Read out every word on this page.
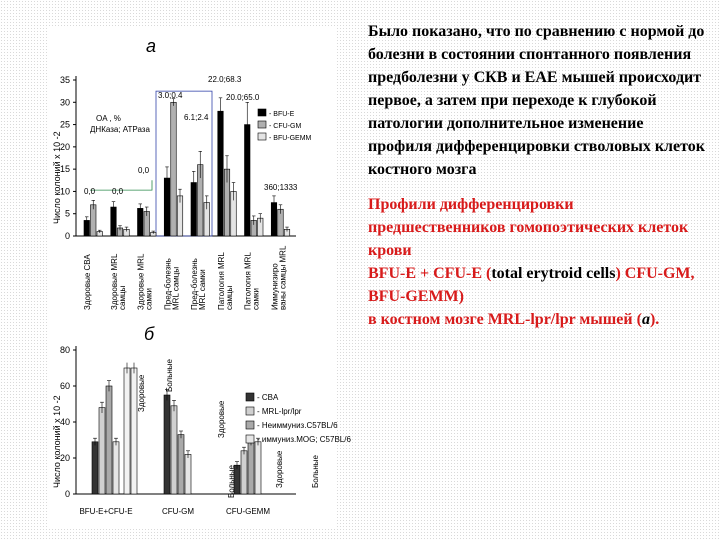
а
Число колоний х 10 -2
0
5
10
15
20
25
30
35
Здоровые СВА Здоровые MRL самцы Здоровые MRL самки Пред-болезнь MRL самцы Пред-болезнь MRL самки Патология MRL самцы Патология MRL самки Иммунизиро ваны самцы MRL
- BFU-E
- CFU-GM
- BFU-GEMM
OA , %
ДНКаза; АТРаза
22.0;68.3
3.0;0.4	20.0;65.0
6.1;2.4
0,0
0,0 0,0	360;1333
б
Число колоний х 10 -2
0
20
40
60
80
BFU-E+CFU-E	CFU-GM	CFU-GEMM
Здоровые Больные
Здоровые
Больные	Здоровые	Больные
- CBA
- MRL-lpr/lpr
- Неиммуниз.C57BL/6
- иммуниз.MOG; C57BL/6

Было показано, что по сравнению с нормой до болезни в состоянии спонтанного появления предболезни у СКВ и ЕАЕ мышей происходит первое, а затем при переходе к глубокой патологии дополнительное изменение профиля дифференцировки стволовых клеток костного мозга

Профили дифференцировки предшественников гомопоэтических клеток крови
BFU-E + CFU-E (total erytroid cells) CFU-GM,
BFU-GEMM)
в костном мозге MRL-lpr/lpr мышей (a).
